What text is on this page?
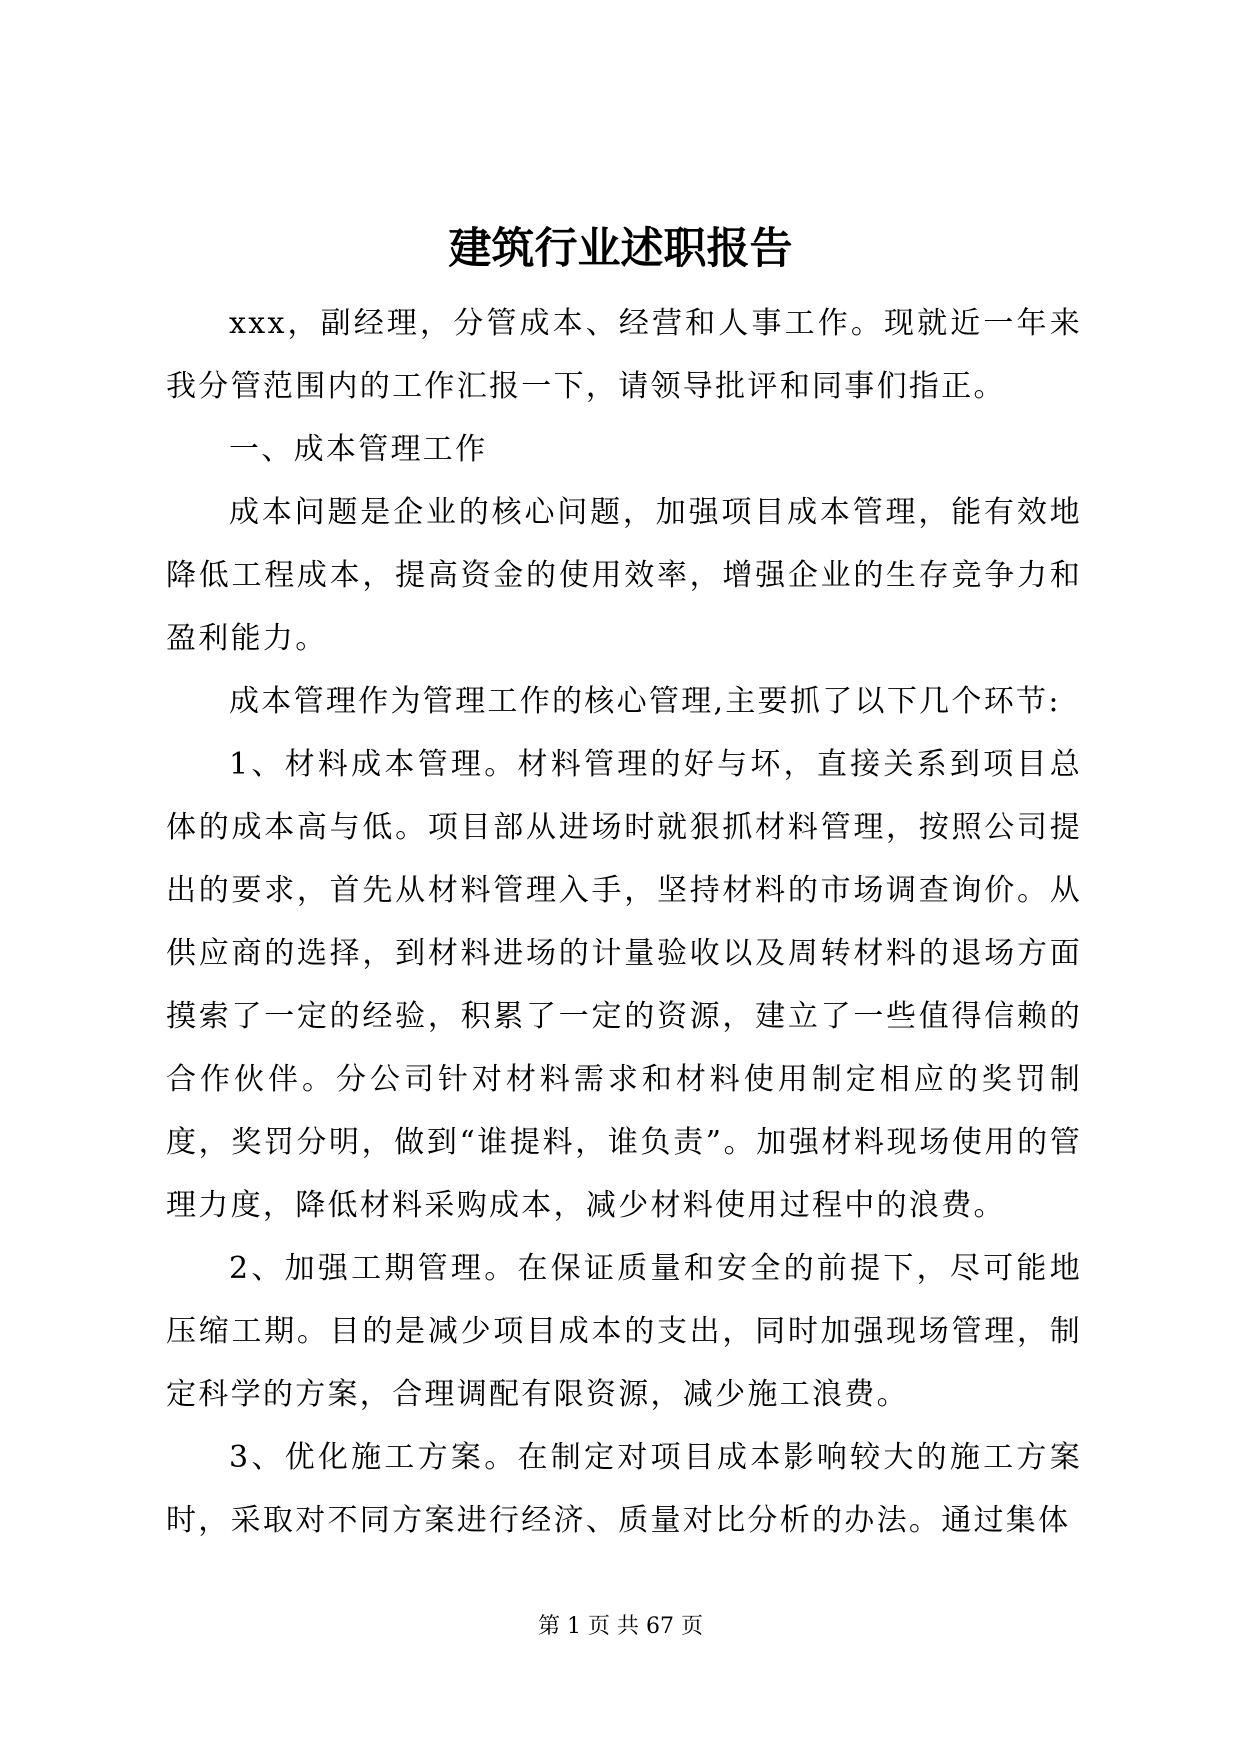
建筑行业述职报告

xxx，副经理，分管成本、经营和人事工作。现就近一年来我分管范围内的工作汇报一下，请领导批评和同事们指正。

一、成本管理工作

成本问题是企业的核心问题，加强项目成本管理，能有效地降低工程成本，提高资金的使用效率，增强企业的生存竞争力和盈利能力。

成本管理作为管理工作的核心管理,主要抓了以下几个环节:

1、材料成本管理。材料管理的好与坏，直接关系到项目总体的成本高与低。项目部从进场时就狠抓材料管理，按照公司提出的要求，首先从材料管理入手，坚持材料的市场调查询价。从供应商的选择，到材料进场的计量验收以及周转材料的退场方面摸索了一定的经验，积累了一定的资源，建立了一些值得信赖的合作伙伴。分公司针对材料需求和材料使用制定相应的奖罚制度，奖罚分明，做到“谁提料，谁负责”。加强材料现场使用的管理力度，降低材料采购成本，减少材料使用过程中的浪费。

2、加强工期管理。在保证质量和安全的前提下，尽可能地压缩工期。目的是减少项目成本的支出，同时加强现场管理，制定科学的方案，合理调配有限资源，减少施工浪费。

3、优化施工方案。在制定对项目成本影响较大的施工方案时，采取对不同方案进行经济、质量对比分析的办法。通过集体

第 1 页 共 67 页
